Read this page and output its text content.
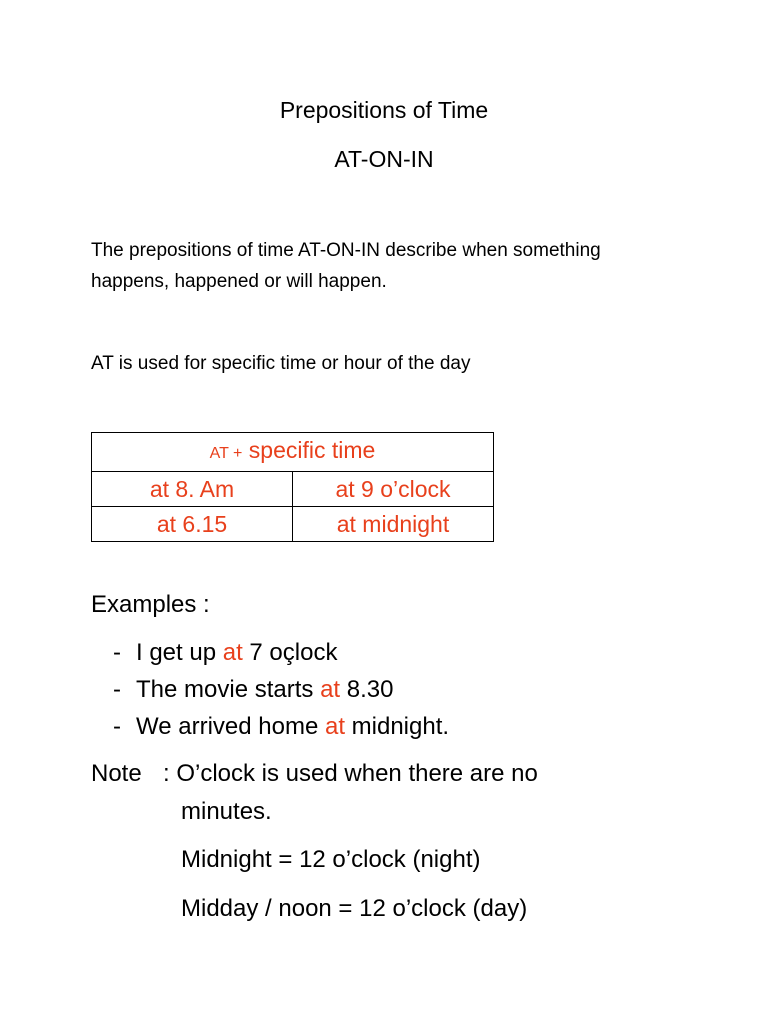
Prepositions of Time
AT-ON-IN
The prepositions of time AT-ON-IN describe when something
happens, happened or will happen.
AT is used for specific time or hour of the day
AT + specific time	
at 8. Am	at 9 o’clock
at 6.15	at midnight
Examples :
- I get up at 7 oçlock
- The movie starts at 8.30
- We arrived home at midnight.
Note : O’clock is used when there are no
minutes.
Midnight = 12 o’clock (night)
Midday / noon = 12 o’clock (day)
